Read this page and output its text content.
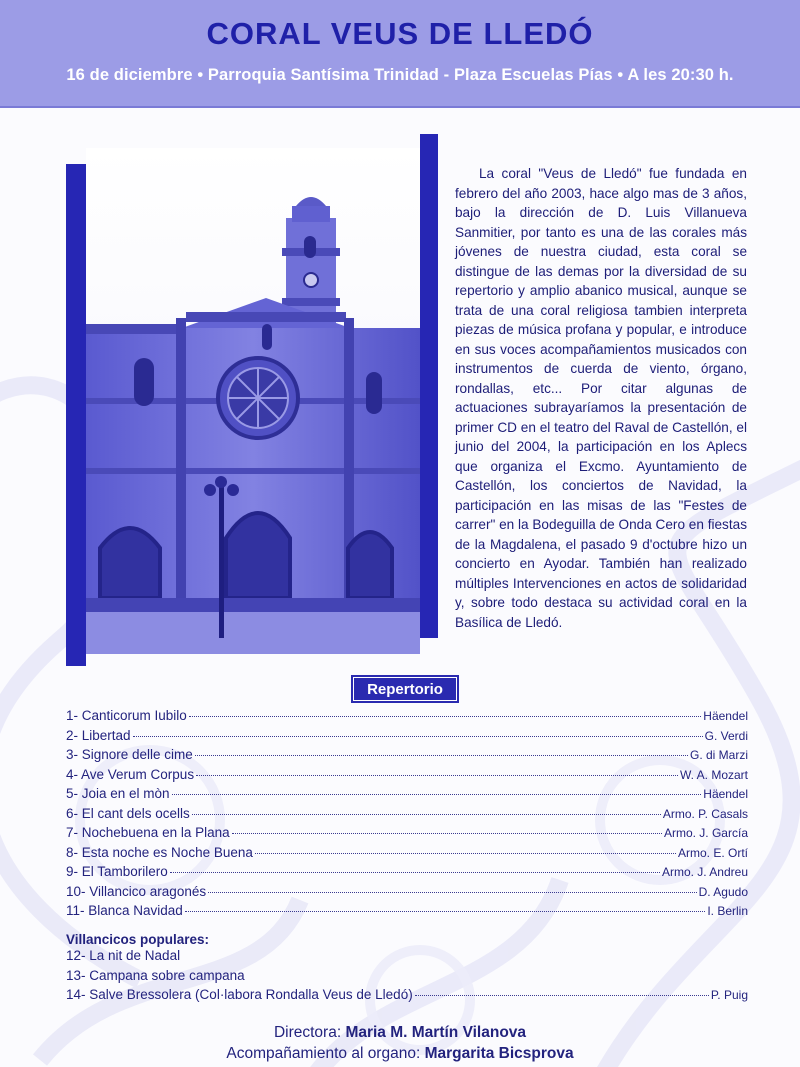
CORAL VEUS DE LLEDÓ
16 de diciembre • Parroquia Santísima Trinidad - Plaza Escuelas Pías • A les 20:30 h.
La coral "Veus de Lledó" fue fundada en febrero del año 2003, hace algo mas de 3 años, bajo la dirección de D. Luis Villanueva Sanmitier, por tanto es una de las corales más jóvenes de nuestra ciudad, esta coral se distingue de las demas por la diversidad de su repertorio y amplio abanico musical, aunque se trata de una coral religiosa tambien interpreta piezas de música profana y popular, e introduce en sus voces acompañamientos musicados con instrumentos de cuerda de viento, órgano, rondallas, etc... Por citar algunas de actuaciones subrayaríamos la presentación de primer CD en el teatro del Raval de Castellón, el junio del 2004, la participación en los Aplecs que organiza el Excmo. Ayuntamiento de Castellón, los conciertos de Navidad, la participación en las misas de las "Festes de carrer" en la Bodeguilla de Onda Cero en fiestas de la Magdalena, el pasado 9 d'octubre hizo un concierto en Ayodar. También han realizado múltiples Intervenciones en actos de solidaridad y, sobre todo destaca su actividad coral en la Basílica de Lledó.
Repertorio
1- Canticorum Iubilo	Häendel
2- Libertad	G. Verdi
3- Signore delle cime	G. di Marzi
4- Ave Verum Corpus	W. A. Mozart
5- Joia en el mòn	Häendel
6- El cant dels ocells	Armo. P. Casals
7- Nochebuena en la Plana	Armo. J. García
8- Esta noche es Noche Buena	Armo. E. Ortí
9- El Tamborilero	Armo. J. Andreu
10- Villancico aragonés	D. Agudo
11- Blanca Navidad	I. Berlin
Villancicos populares:
12- La nit de Nadal
13- Campana sobre campana
14- Salve Bressolera (Col·labora Rondalla Veus de Lledó)	P. Puig
Directora: Maria M. Martín Vilanova
Acompañamiento al organo: Margarita Bicsprova
